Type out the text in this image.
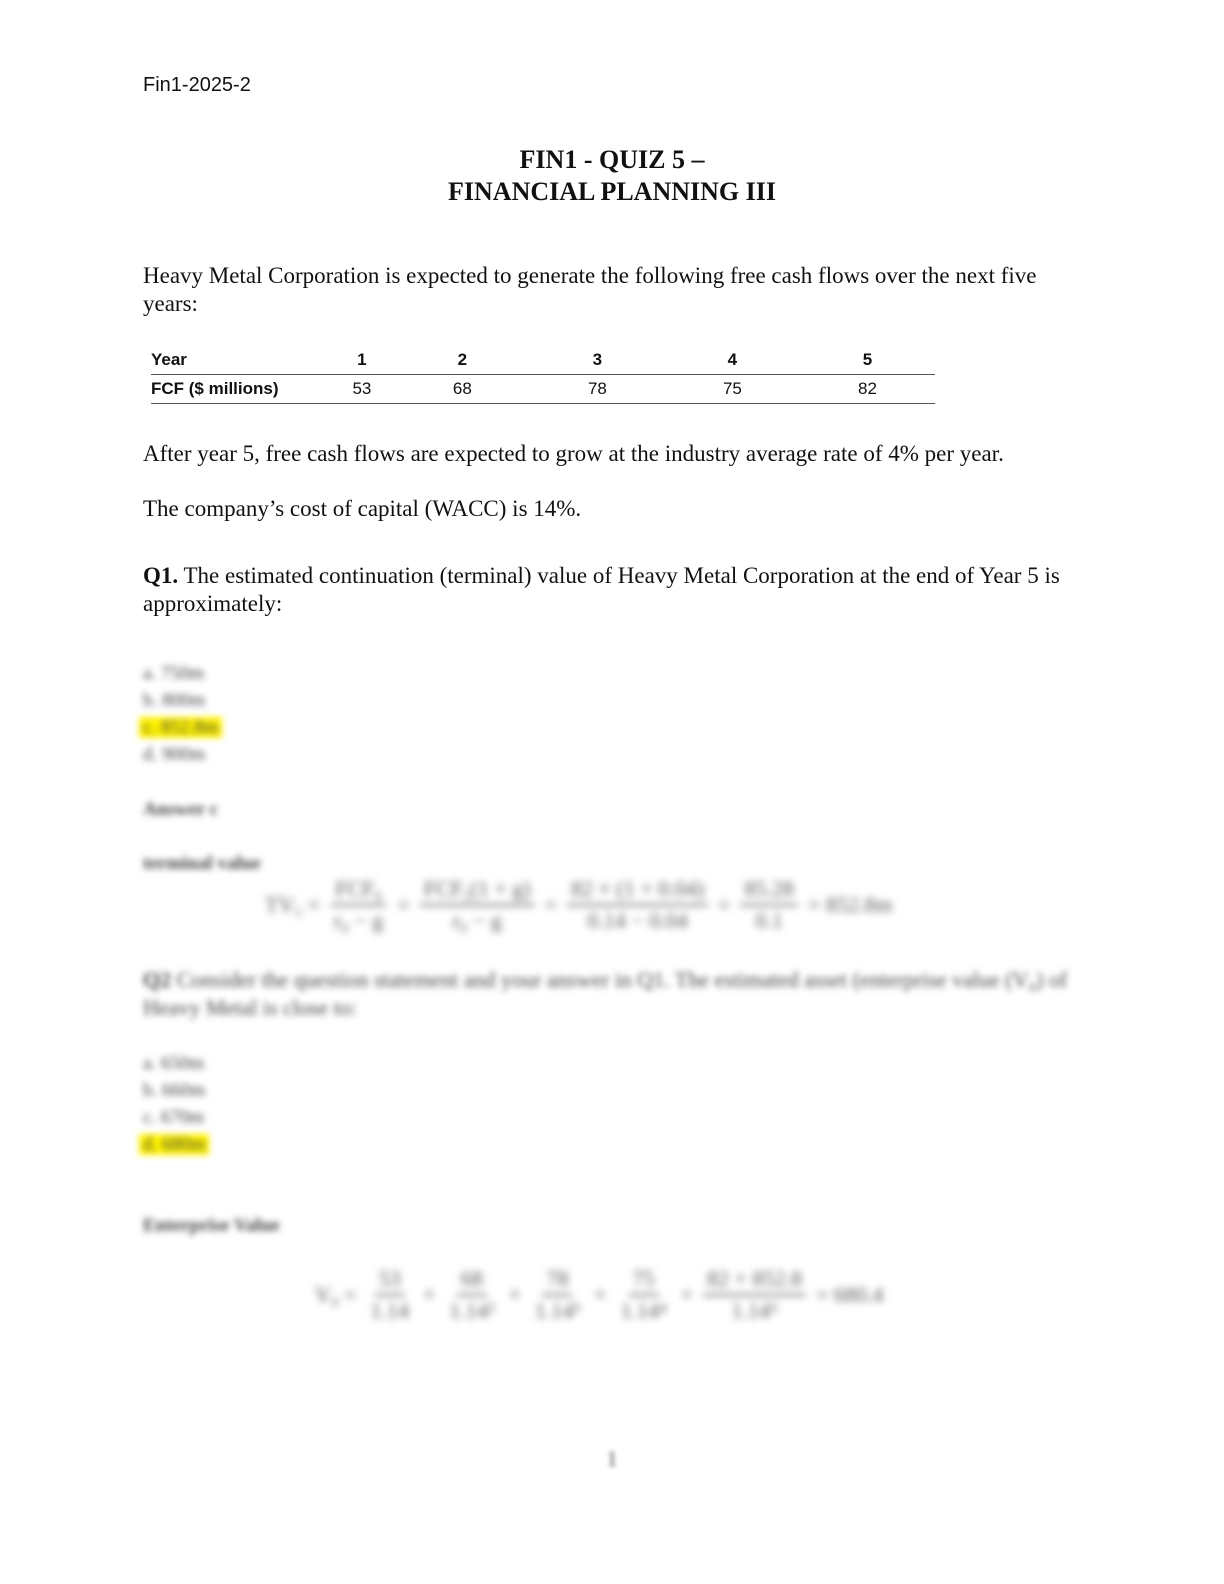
Fin1-2025-2
FIN1 - QUIZ 5 –
FINANCIAL PLANNING III
Heavy Metal Corporation is expected to generate the following free cash flows over the next five years:
Year	1	2	3	4	5
FCF ($ millions)	53	68	78	75	82
After year 5, free cash flows are expected to grow at the industry average rate of 4% per year.
The company’s cost of capital (WACC) is 14%.
Q1. The estimated continuation (terminal) value of Heavy Metal Corporation at the end of Year 5 is approximately:
a. 750m
b. 800m
c. 852.8m
d. 900m
Answer c
terminal value
$TV_5 = \frac{\text{FCF₆}}{\text{r₀ − g}} = \frac{\text{FCF₅(1 + g)}}{\text{r₀ − g}} = \frac{82 \times (1 + 0.04)}{0.14 - 0.04} = \frac{85.28}{0.1} = 852.8m$
Q2 Consider the question statement and your answer in Q1. The estimated asset (enterprise value (V₀) of Heavy Metal is close to:
a. 650m
b. 660m
c. 670m
d. 680m
Enterprise Value
$V_0 = \frac{53}{1.14} + \frac{68}{\text{1.14²}} + \frac{78}{\text{1.14³}} + \frac{75}{\text{1.14⁴}} + \frac{82 + 852.8}{\text{1.14⁵}} = 680.4$
1
